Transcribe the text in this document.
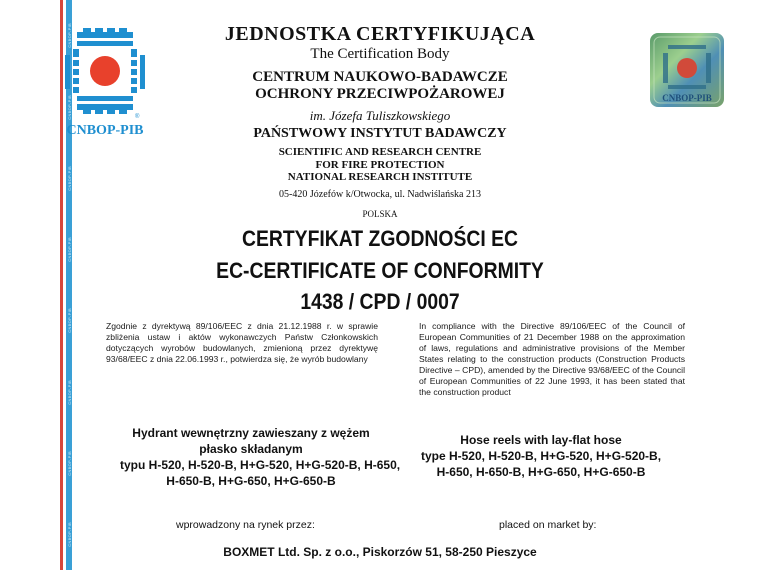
CNBOP-PIB
CNBOP-PIB
CNBOP-PIB
CNBOP-PIB
CNBOP-PIB
CNBOP-PIB
CNBOP-PIB
CNBOP-PIB
®
CNBOP-PIB
CNBOP-PIB
JEDNOSTKA CERTYFIKUJĄCA
The Certification Body
CENTRUM NAUKOWO-BADAWCZE
OCHRONY PRZECIWPOŻAROWEJ
im. Józefa Tuliszkowskiego
PAŃSTWOWY INSTYTUT BADAWCZY
SCIENTIFIC AND RESEARCH CENTRE
FOR FIRE PROTECTION
NATIONAL RESEARCH INSTITUTE
05-420 Józefów k/Otwocka, ul. Nadwiślańska 213
POLSKA
CERTYFIKAT ZGODNOŚCI EC
EC-CERTIFICATE OF CONFORMITY
1438 / CPD / 0007
Zgodnie z dyrektywą 89/106/EEC z dnia 21.12.1988 r. w sprawie zbliżenia ustaw i aktów wykonawczych Państw Członkowskich dotyczących wyrobów budowlanych, zmienioną przez dyrektywę 93/68/EEC z dnia 22.06.1993 r., potwierdza się, że wyrób budowlany
In compliance with the Directive 89/106/EEC of the Council of European Communities of 21 December 1988 on the approximation of laws, regulations and administrative provisions of the Member States relating to the construction products (Construction Products Directive – CPD), amended by the Directive 93/68/EEC of the Council of European Communities of 22 June 1993, it has been stated that the construction product
Hydrant wewnętrzny zawieszany z wężem
płasko składanym
typu H-520, H-520-B, H+G-520, H+G-520-B, H-650,
H-650-B, H+G-650, H+G-650-B
Hose reels with lay-flat hose
type H-520, H-520-B, H+G-520, H+G-520-B,
H-650, H-650-B, H+G-650, H+G-650-B
wprowadzony na rynek przez:	placed on market by:
BOXMET Ltd. Sp. z o.o., Piskorzów 51, 58-250 Pieszyce
